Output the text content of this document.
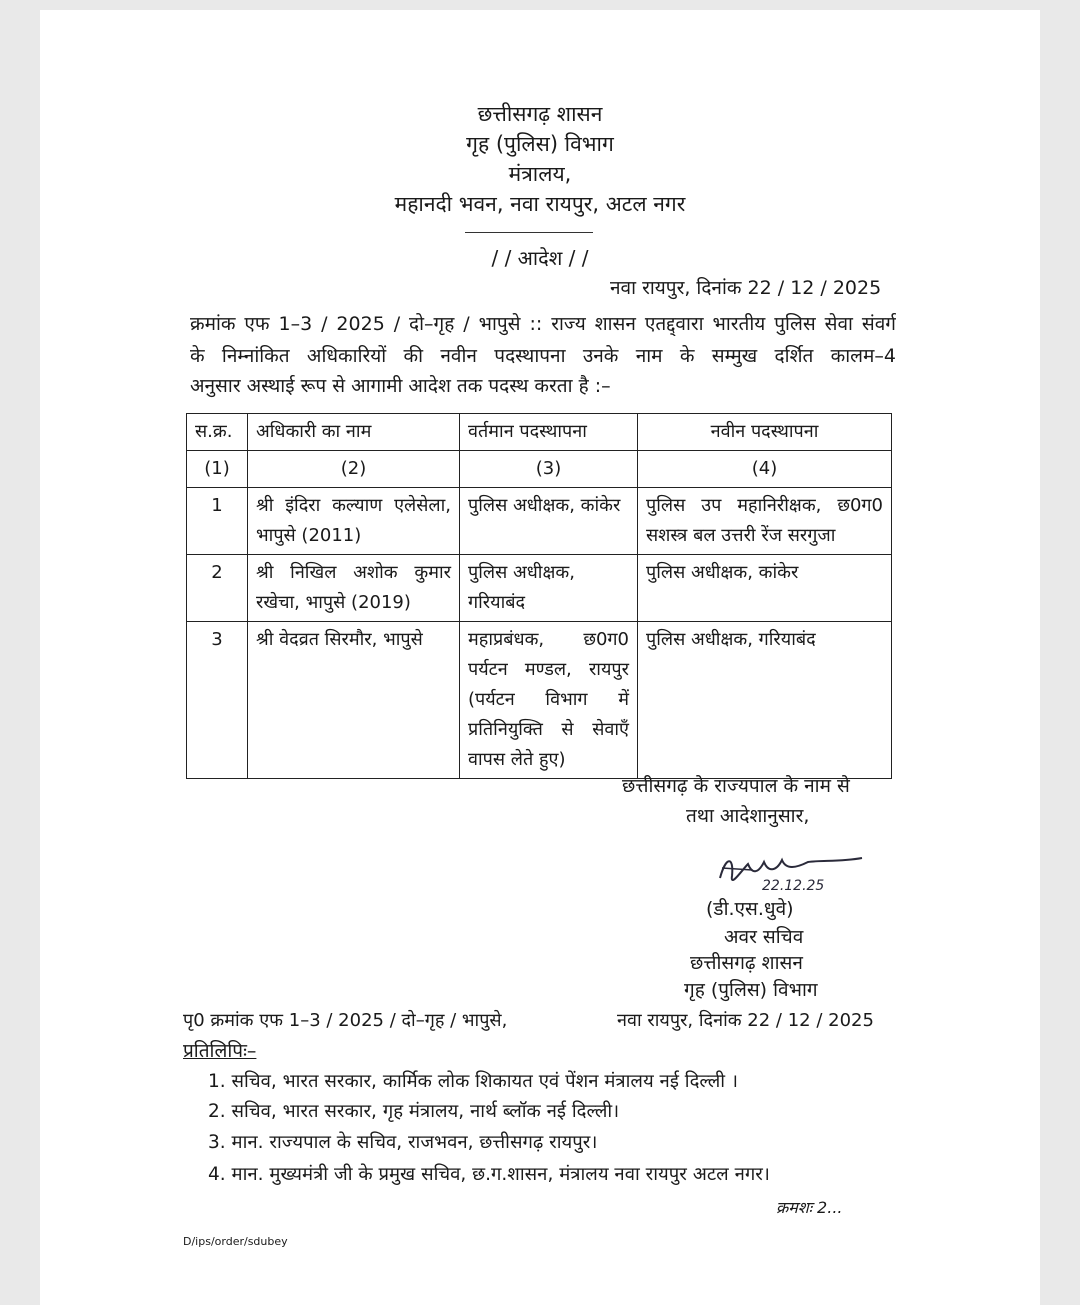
छत्तीसगढ़ शासन
गृह (पुलिस) विभाग
मंत्रालय,
महानदी भवन, नवा रायपुर, अटल नगर
/ / आदेश / /
नवा रायपुर, दिनांक 22 / 12 / 2025
क्रमांक एफ 1–3 / 2025 / दो–गृह / भापुसे :: राज्य शासन एतद्द्वारा भारतीय पुलिस सेवा संवर्ग
के निम्नांकित अधिकारियों की नवीन पदस्थापना उनके नाम के सम्मुख दर्शित कालम–4
अनुसार अस्थाई रूप से आगामी आदेश तक पदस्थ करता है :–
स.क्र.	अधिकारी का नाम	वर्तमान पदस्थापना	नवीन पदस्थापना
(1)	(2)	(3)	(4)
1	श्री इंदिरा कल्याण एलेसेला, भापुसे (2011)	पुलिस अधीक्षक, कांकेर	पुलिस उप महानिरीक्षक, छ0ग0 सशस्त्र बल उत्तरी रेंज सरगुजा
2	श्री निखिल अशोक कुमार रखेचा, भापुसे (2019)	पुलिस अधीक्षक, गरियाबंद	पुलिस अधीक्षक, कांकेर
3	श्री वेदव्रत सिरमौर, भापुसे	महाप्रबंधक, छ0ग0 पर्यटन मण्डल, रायपुर (पर्यटन विभाग में प्रतिनियुक्ति से सेवाएँ वापस लेते हुए)	पुलिस अधीक्षक, गरियाबंद
छत्तीसगढ़ के राज्यपाल के नाम से
तथा आदेशानुसार,
22.12.25
(डी.एस.धुवे)
अवर सचिव
छत्तीसगढ़ शासन
गृह (पुलिस) विभाग
पृ0 क्रमांक एफ 1–3 / 2025 / दो–गृह / भापुसे,	नवा रायपुर, दिनांक 22 / 12 / 2025
प्रतिलिपिः–
1. सचिव, भारत सरकार, कार्मिक लोक शिकायत एवं पेंशन मंत्रालय नई दिल्ली ।
2. सचिव, भारत सरकार, गृह मंत्रालय, नार्थ ब्लॉक नई दिल्ली।
3. मान. राज्यपाल के सचिव, राजभवन, छत्तीसगढ़ रायपुर।
4. मान. मुख्यमंत्री जी के प्रमुख सचिव, छ.ग.शासन, मंत्रालय नवा रायपुर अटल नगर।
क्रमशः 2...
D/ips/order/sdubey
